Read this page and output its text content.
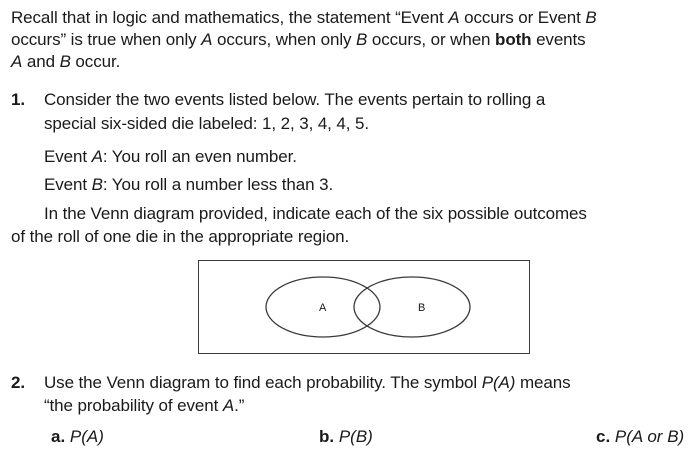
Recall that in logic and mathematics, the statement “Event A occurs or Event B
occurs” is true when only A occurs, when only B occurs, or when both events
A and B occur.
1. Consider the two events listed below. The events pertain to rolling a
special six-sided die labeled: 1, 2, 3, 4, 4, 5.
Event A: You roll an even number.
Event B: You roll a number less than 3.
In the Venn diagram provided, indicate each of the six possible outcomes
of the roll of one die in the appropriate region.
A	B
2. Use the Venn diagram to find each probability. The symbol P(A) means
“the probability of event A.”
a. P(A)	b. P(B)	c. P(A or B)
